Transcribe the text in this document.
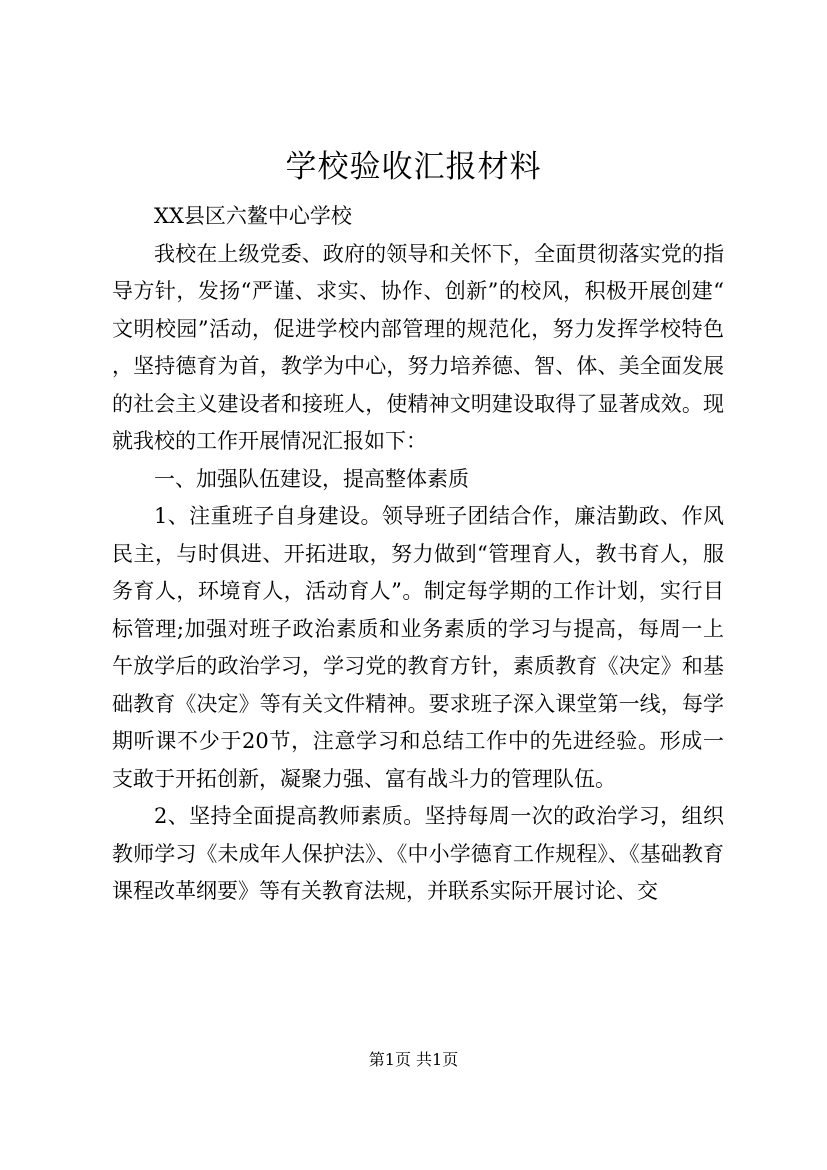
学校验收汇报材料

XX县区六鳌中心学校

我校在上级党委、政府的领导和关怀下，全面贯彻落实党的指导方针，发扬“严谨、求实、协作、创新”的校风，积极开展创建“文明校园”活动，促进学校内部管理的规范化，努力发挥学校特色，坚持德育为首，教学为中心，努力培养德、智、体、美全面发展的社会主义建设者和接班人，使精神文明建设取得了显著成效。现就我校的工作开展情况汇报如下：

一、加强队伍建设，提高整体素质

1、注重班子自身建设。领导班子团结合作，廉洁勤政、作风民主，与时俱进、开拓进取，努力做到“管理育人，教书育人，服务育人，环境育人，活动育人”。制定每学期的工作计划，实行目标管理;加强对班子政治素质和业务素质的学习与提高，每周一上午放学后的政治学习，学习党的教育方针，素质教育《决定》和基础教育《决定》等有关文件精神。要求班子深入课堂第一线，每学期听课不少于20节，注意学习和总结工作中的先进经验。形成一支敢于开拓创新，凝聚力强、富有战斗力的管理队伍。

2、坚持全面提高教师素质。坚持每周一次的政治学习，组织教师学习《未成年人保护法》、《中小学德育工作规程》、《基础教育课程改革纲要》等有关教育法规，并联系实际开展讨论、交

第1页 共1页
